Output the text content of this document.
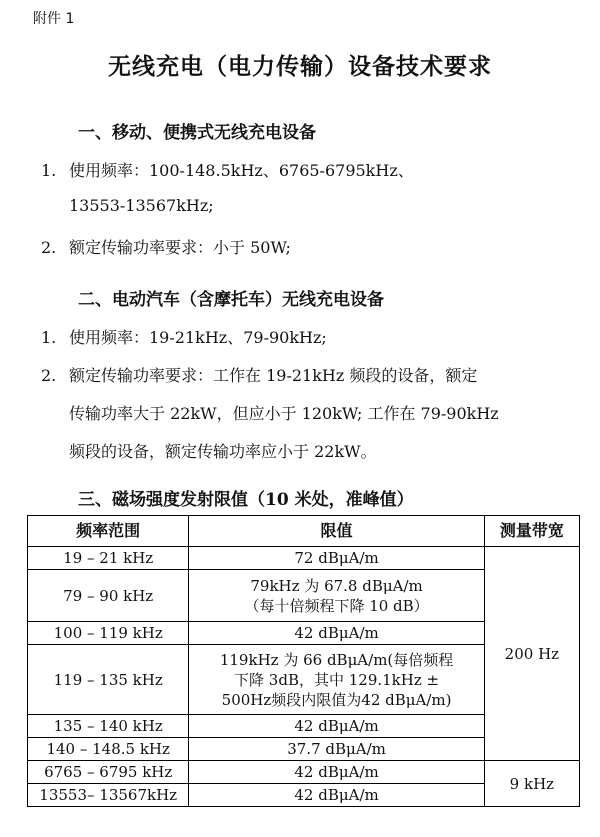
附件 1
无线充电（电力传输）设备技术要求
一、移动、便携式无线充电设备
1. 使用频率：100-148.5kHz、6765-6795kHz、
13553-13567kHz;
2. 额定传输功率要求：小于 50W;
二、电动汽车（含摩托车）无线充电设备
1. 使用频率：19-21kHz、79-90kHz;
2. 额定传输功率要求：工作在 19-21kHz 频段的设备，额定
传输功率大于 22kW，但应小于 120kW; 工作在 79-90kHz
频段的设备，额定传输功率应小于 22kW。
三、磁场强度发射限值（10 米处，准峰值）
频率范围	限值	测量带宽
19 – 21 kHz	72 dBμA/m	200 Hz
79 – 90 kHz	79kHz 为 67.8 dBμA/m
（每十倍频程下降 10 dB）	

100 – 119 kHz	42 dBμA/m	
119 – 135 kHz	119kHz 为 66 dBμA/m(每倍频程
下降 3dB，其中 129.1kHz ±
500Hz频段内限值为42 dBμA/m)	

135 – 140 kHz	42 dBμA/m	
140 – 148.5 kHz	37.7 dBμA/m	
6765 – 6795 kHz	42 dBμA/m	9 kHz
13553– 13567kHz	42 dBμA/m	
